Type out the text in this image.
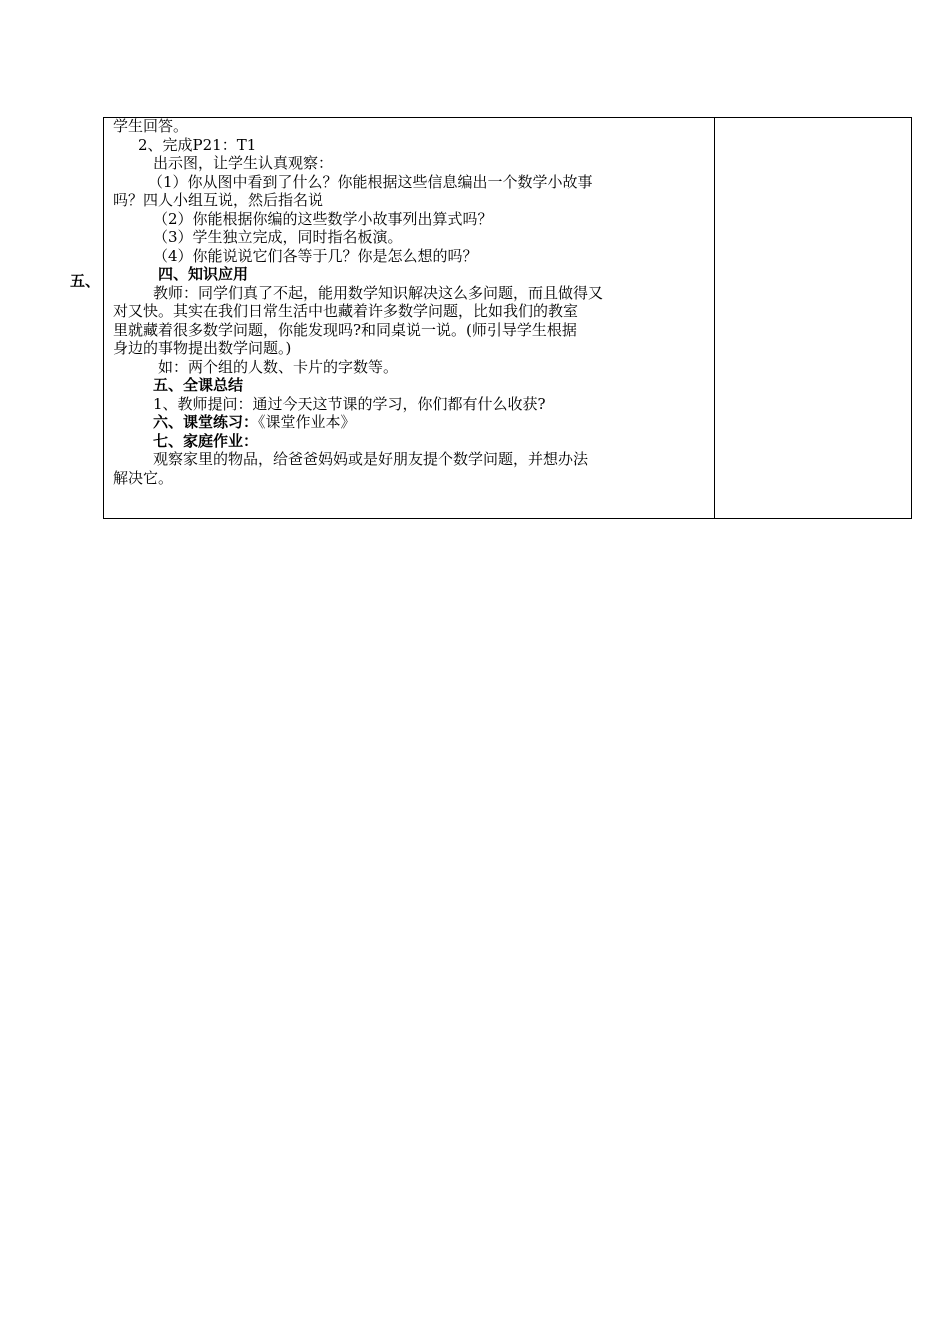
五、
学生回答。
2、完成P21：T1
出示图，让学生认真观察：
（1）你从图中看到了什么？你能根据这些信息编出一个数学小故事
吗？四人小组互说，然后指名说
（2）你能根据你编的这些数学小故事列出算式吗？
（3）学生独立完成，同时指名板演。
（4）你能说说它们各等于几？你是怎么想的吗？
四、知识应用
教师：同学们真了不起，能用数学知识解决这么多问题，而且做得又
对又快。其实在我们日常生活中也藏着许多数学问题，比如我们的教室
里就藏着很多数学问题，你能发现吗?和同桌说一说。(师引导学生根据
身边的事物提出数学问题。)
如：两个组的人数、卡片的字数等。
五、全课总结
1、教师提问：通过今天这节课的学习，你们都有什么收获?
六、课堂练习：《课堂作业本》
七、家庭作业：
观察家里的物品，给爸爸妈妈或是好朋友提个数学问题，并想办法
解决它。
